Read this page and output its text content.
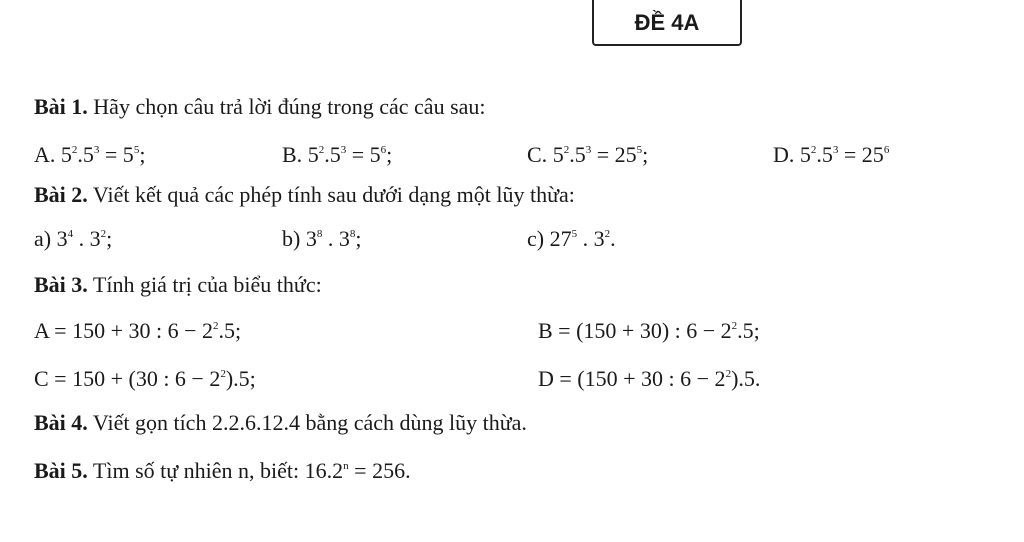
ĐỀ 4A
Bài 1. Hãy chọn câu trả lời đúng trong các câu sau:
A. $5^2.5^3 = 5^5$;	B. $5^2.5^3 = 5^6$;	C. $5^2.5^3 = 25^5$;	D. $5^2.5^3 = 25^6$
Bài 2. Viết kết quả các phép tính sau dưới dạng một lũy thừa:
a) $3^4$ . $3^2$;	b) $3^8$ . $3^8$;	c) $27^5$ . $3^2$.
Bài 3. Tính giá trị của biểu thức:
A = 150 + 30 : $6 - 2^2.5$;	B = (150 + 30) : $6 - 2^2.5$;
C = 150 + (30 : $6 - 2^2).5$;	D = (150 + 30 : $6 - 2^2).5$.
Bài 4. Viết gọn tích 2.2.6.12.4 bằng cách dùng lũy thừa.
Bài 5. Tìm số tự nhiên n, biết: $16.2^n = 256$.
